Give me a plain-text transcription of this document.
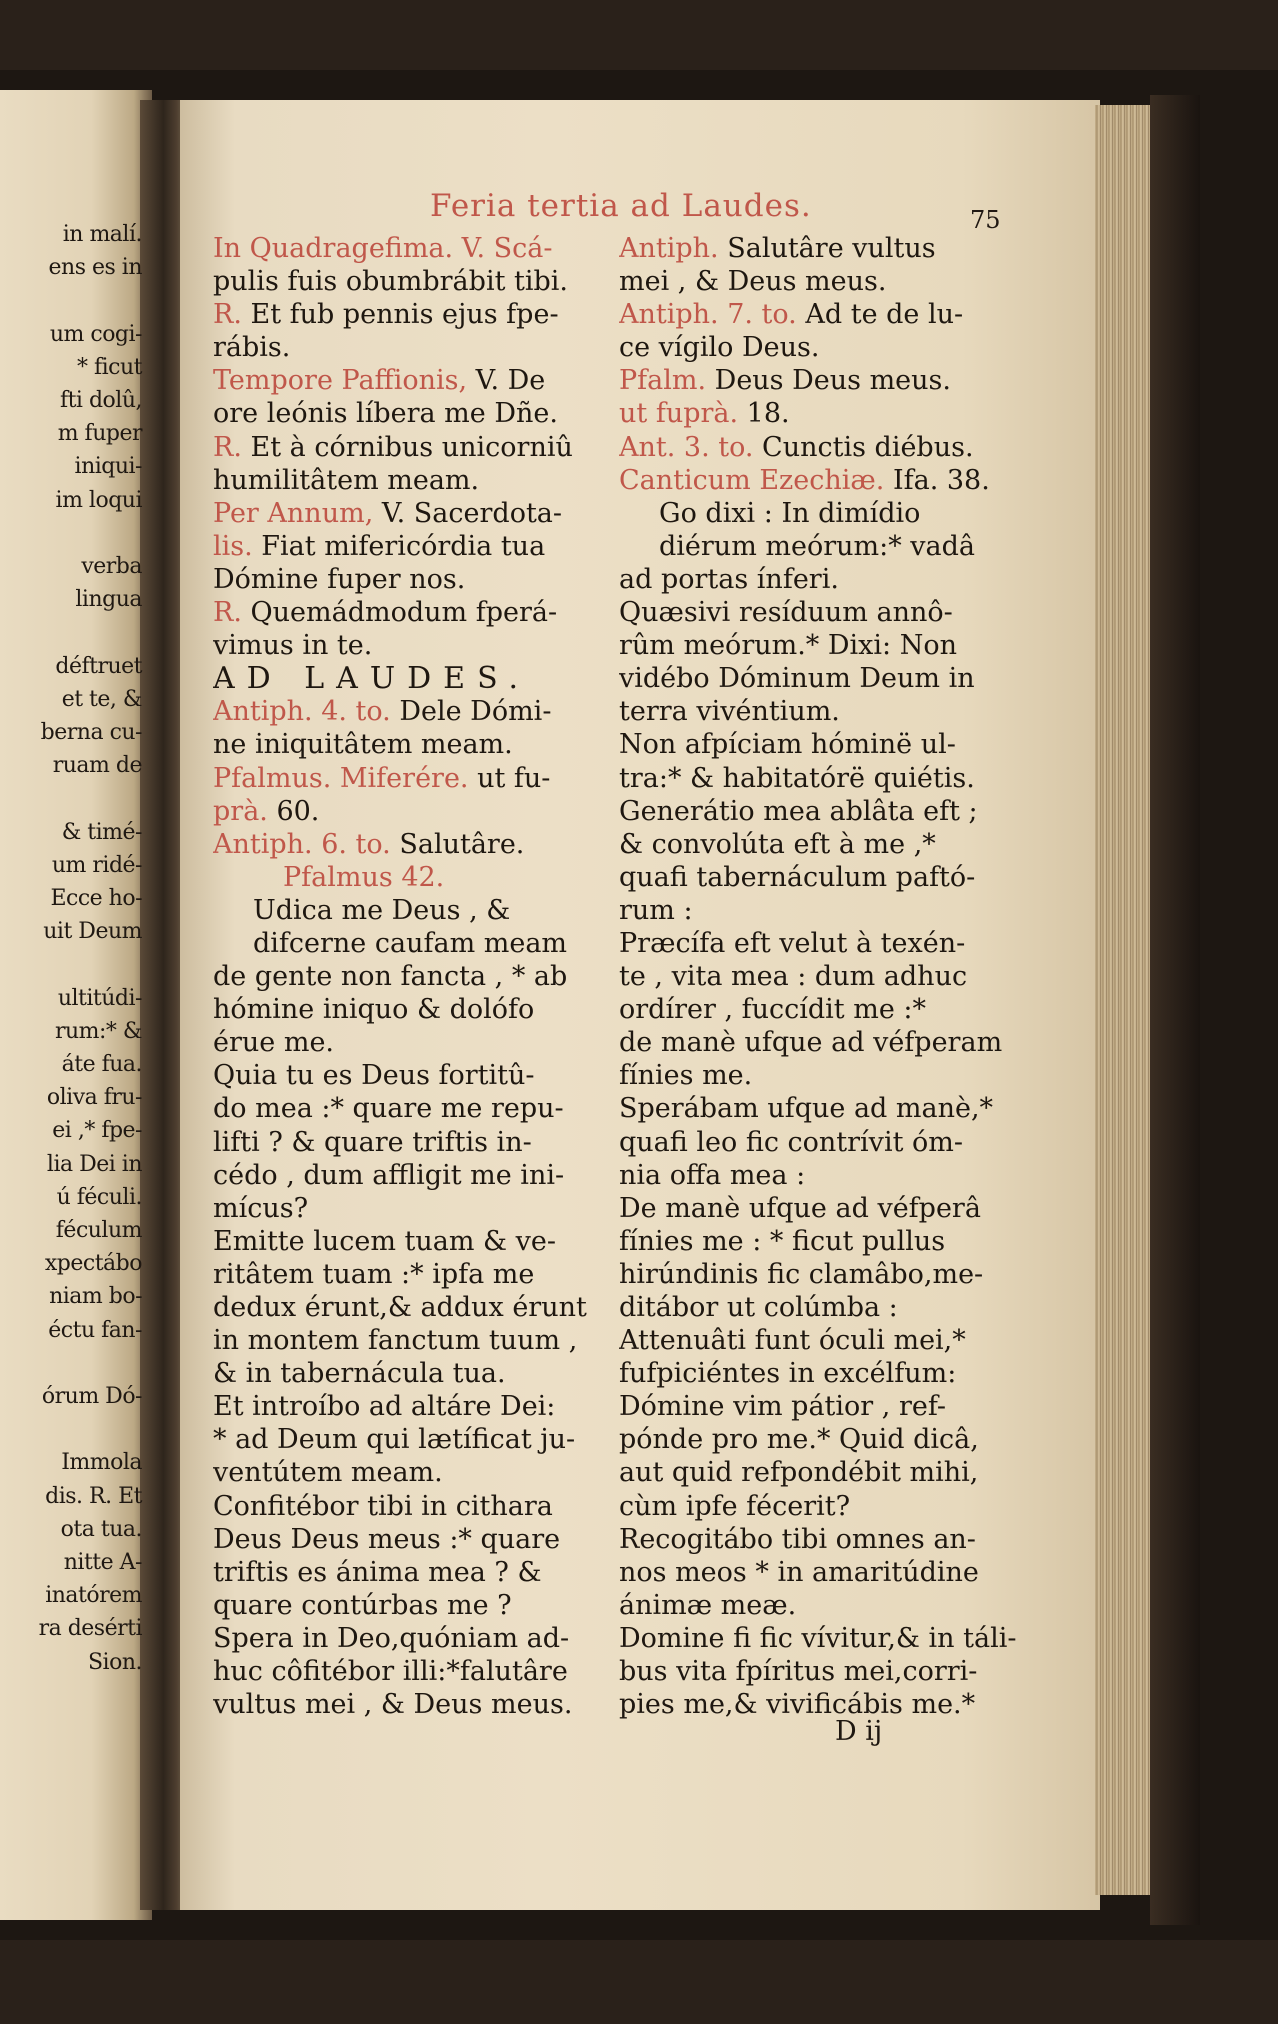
in malí.
ens es in
um cogi-
* ficut
fti dolû,
m fuper
iniqui-
im loqui
verba
lingua
déftruet
et te, &
berna cu-
ruam de
& timé-
um ridé-
Ecce ho-
uit Deum
ultitúdi-
rum:* &
áte fua.
oliva fru-
ei ,* fpe-
lia Dei in
ú féculi.
féculum
xpectábo
niam bo-
éctu fan-
órum Dó-
Immola
dis. R. Et
ota tua.
nitte A-
inatórem
ra desérti
Sion.
Feria tertia ad Laudes.	75
In Quadragefima. V. Scá-
pulis fuis obumbrábit tibi.
R. Et fub pennis ejus fpe-
rábis.
Tempore Paffionis, V. De
ore leónis líbera me Dñe.
R. Et à córnibus unicorniû
humilitâtem meam.
Per Annum, V. Sacerdota-
lis. Fiat mifericórdia tua
Dómine fuper nos.
R. Quemádmodum fperá-
vimus in te.
AD LAUDES.
Antiph. 4. to. Dele Dómi-
ne iniquitâtem meam.
Pfalmus. Miferére. ut fu-
prà. 60.
Antiph. 6. to. Salutâre.
Pfalmus 42.
Udica me Deus , &
difcerne caufam meam
de gente non fancta , * ab
hómine iniquo & dolófo
érue me.
Quia tu es Deus fortitû-
do mea :* quare me repu-
lifti ? & quare triftis in-
cédo , dum affligit me ini-
mícus?
Emitte lucem tuam & ve-
ritâtem tuam :* ipfa me
dedux érunt,& addux érunt
in montem fanctum tuum ,
& in tabernácula tua.
Et introíbo ad altáre Dei:
* ad Deum qui lætíficat ju-
ventútem meam.
Confitébor tibi in cithara
Deus Deus meus :* quare
triftis es ánima mea ? &
quare contúrbas me ?
Spera in Deo,quóniam ad-
huc côfitébor illi:*falutâre
vultus mei , & Deus meus.
Antiph. Salutâre vultus
mei , & Deus meus.
Antiph. 7. to. Ad te de lu-
ce vígilo Deus.
Pfalm. Deus Deus meus.
ut fuprà. 18.
Ant. 3. to. Cunctis diébus.
Canticum Ezechiæ. Ifa. 38.
Go dixi : In dimídio
diérum meórum:* vadâ
ad portas ínferi.
Quæsivi resíduum annô-
rûm meórum.* Dixi: Non
vidébo Dóminum Deum in
terra vivéntium.
Non afpíciam hóminë ul-
tra:* & habitatórë quiétis.
Generátio mea ablâta eft ;
& convolúta eft à me ,*
quafi tabernáculum paftó-
rum :
Præcífa eft velut à texén-
te , vita mea : dum adhuc
ordírer , fuccídit me :*
de manè ufque ad véfperam
fínies me.
Sperábam ufque ad manè,*
quafi leo fic contrívit óm-
nia offa mea :
De manè ufque ad véfperâ
fínies me : * ficut pullus
hirúndinis fic clamâbo,me-
ditábor ut colúmba :
Attenuâti funt óculi mei,*
fufpiciéntes in excélfum:
Dómine vim pátior , ref-
pónde pro me.* Quid dicâ,
aut quid refpondébit mihi,
cùm ipfe fécerit?
Recogitábo tibi omnes an-
nos meos * in amaritúdine
ánimæ meæ.
Domine fi fic vívitur,& in táli-
bus vita fpíritus mei,corri-
pies me,& vivificábis me.*
D ij
